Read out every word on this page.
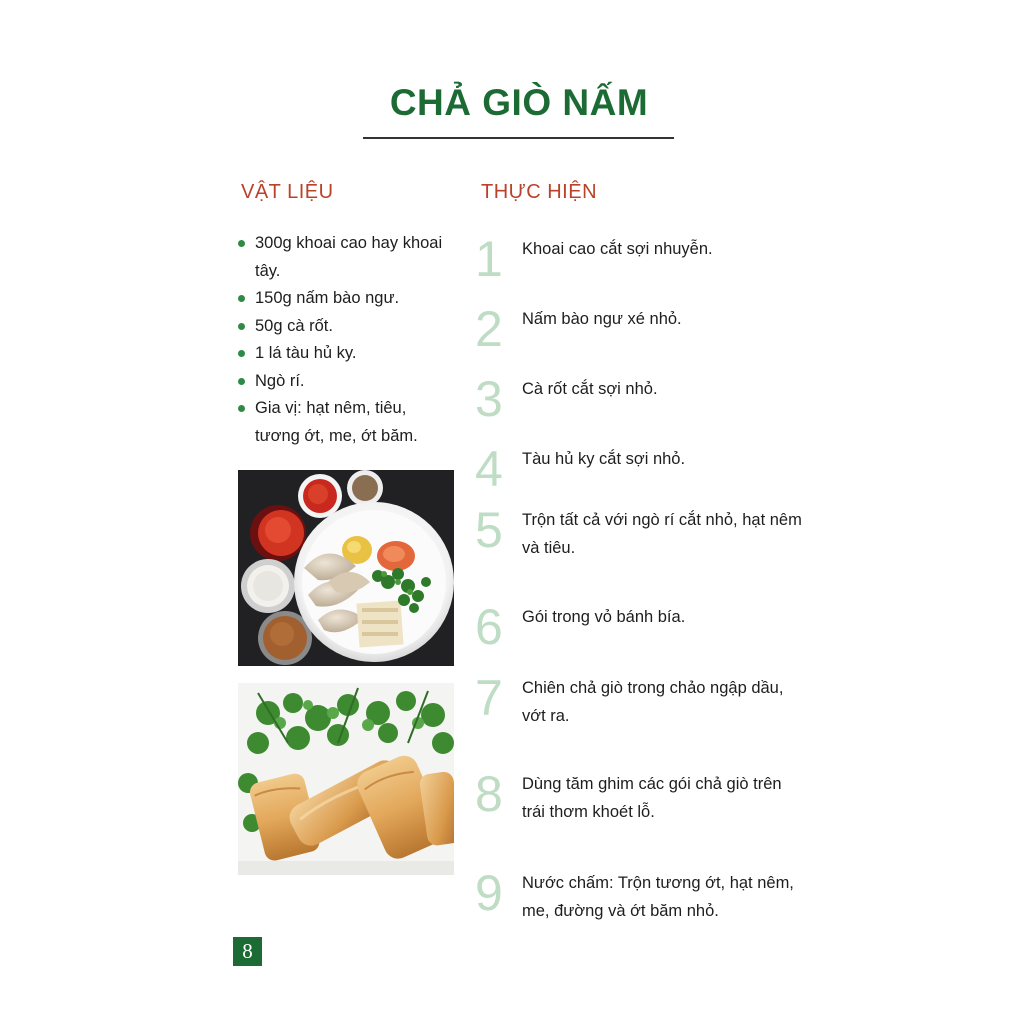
CHẢ GIÒ NẤM
VẬT LIỆU	THỰC HIỆN
300g khoai cao hay khoai tây.
150g nấm bào ngư.
50g cà rốt.
1 lá tàu hủ ky.
Ngò rí.
Gia vị: hạt nêm, tiêu, tương ớt, me, ớt băm.
1	Khoai cao cắt sợi nhuyễn.
2	Nấm bào ngư xé nhỏ.
3	Cà rốt cắt sợi nhỏ.
4	Tàu hủ ky cắt sợi nhỏ.
5	Trộn tất cả với ngò rí cắt nhỏ, hạt nêm và tiêu.
6	Gói trong vỏ bánh bía.
7	Chiên chả giò trong chảo ngập dầu, vớt ra.
8	Dùng tăm ghim các gói chả giò trên trái thơm khoét lỗ.
9	Nước chấm: Trộn tương ớt, hạt nêm, me, đường và ớt băm nhỏ.
8
